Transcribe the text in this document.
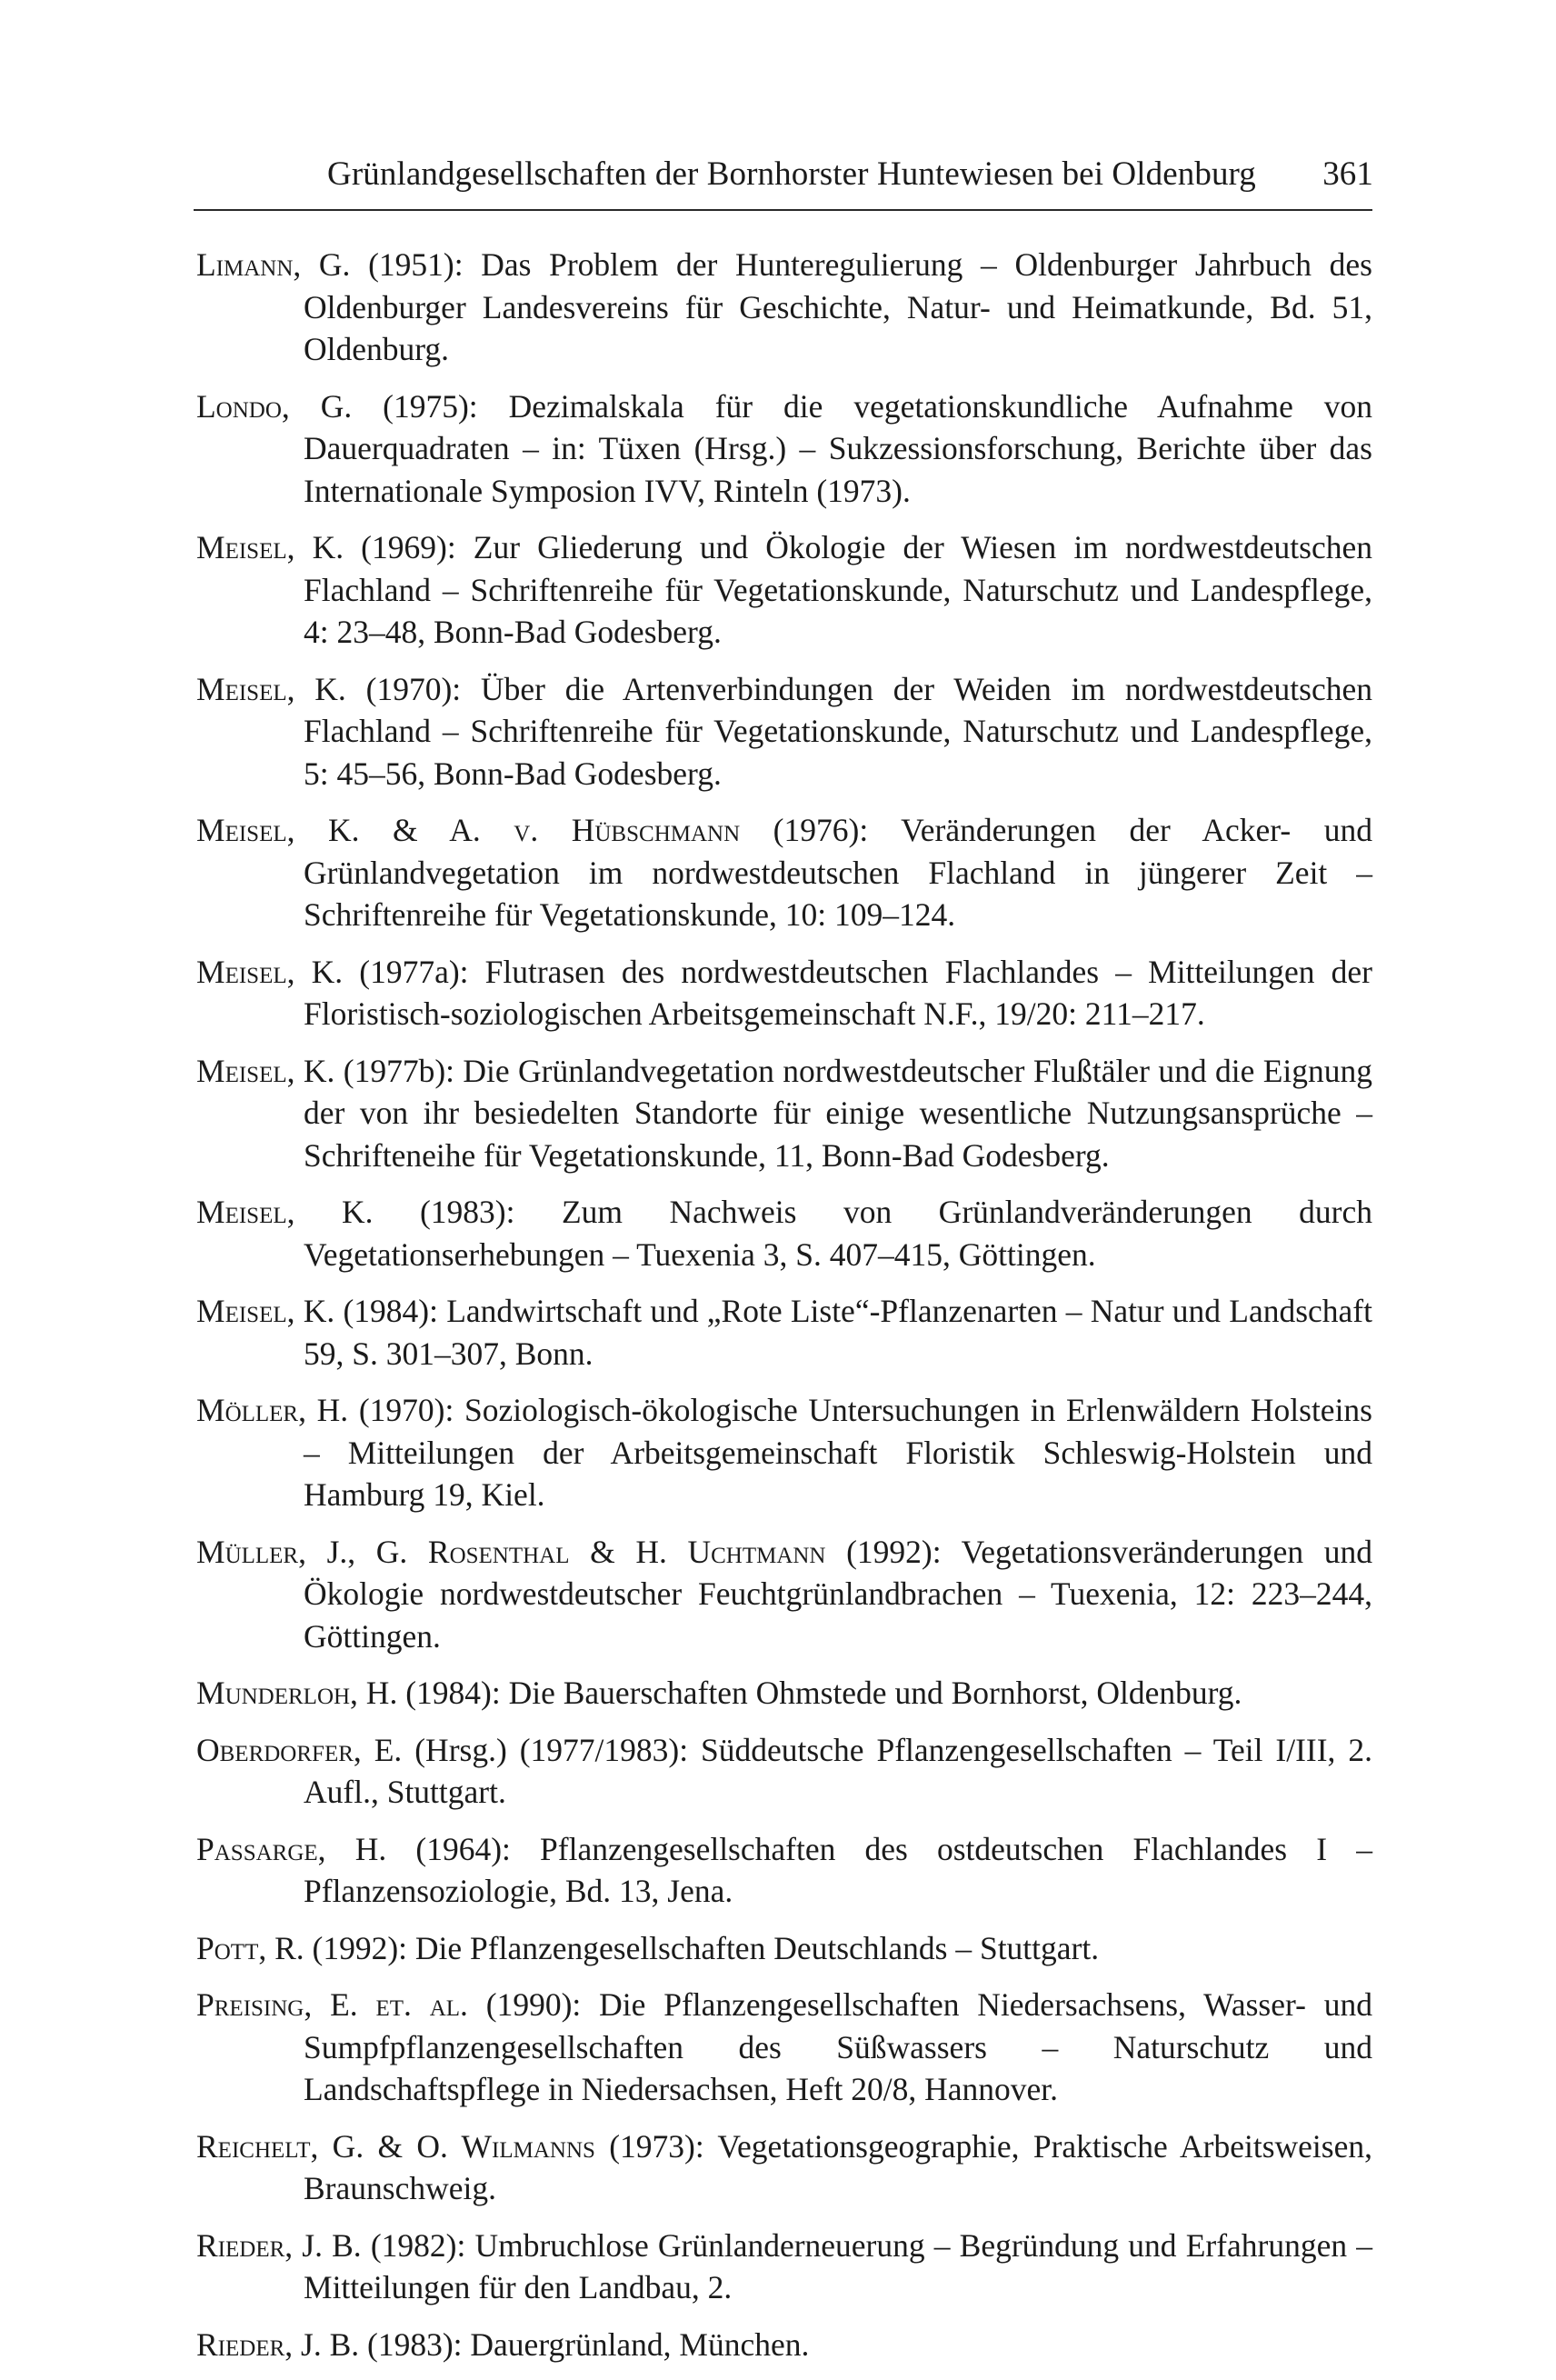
Grünlandgesellschaften der Bornhorster Huntewiesen bei Oldenburg 361

Limann, G. (1951): Das Problem der Hunteregulierung – Oldenburger Jahrbuch des Oldenburger Landesvereins für Geschichte, Natur- und Heimatkunde, Bd. 51, Oldenburg.

Londo, G. (1975): Dezimalskala für die vegetationskundliche Aufnahme von Dauerquadraten – in: Tüxen (Hrsg.) – Sukzessionsforschung, Berichte über das Internationale Symposion IVV, Rinteln (1973).

Meisel, K. (1969): Zur Gliederung und Ökologie der Wiesen im nordwestdeutschen Flachland – Schriftenreihe für Vegetationskunde, Naturschutz und Landespflege, 4: 23–48, Bonn-Bad Godesberg.

Meisel, K. (1970): Über die Artenverbindungen der Weiden im nordwestdeutschen Flachland – Schriftenreihe für Vegetationskunde, Naturschutz und Landespflege, 5: 45–56, Bonn-Bad Godesberg.

Meisel, K. & A. v. Hübschmann (1976): Veränderungen der Acker- und Grünlandvegetation im nordwestdeutschen Flachland in jüngerer Zeit – Schriftenreihe für Vegetationskunde, 10: 109–124.

Meisel, K. (1977a): Flutrasen des nordwestdeutschen Flachlandes – Mitteilungen der Floristisch-soziologischen Arbeitsgemeinschaft N.F., 19/20: 211–217.

Meisel, K. (1977b): Die Grünlandvegetation nordwestdeutscher Flußtäler und die Eignung der von ihr besiedelten Standorte für einige wesentliche Nutzungsansprüche – Schrifteneihe für Vegetationskunde, 11, Bonn-Bad Godesberg.

Meisel, K. (1983): Zum Nachweis von Grünlandveränderungen durch Vegetationserhebungen – Tuexenia 3, S. 407–415, Göttingen.

Meisel, K. (1984): Landwirtschaft und „Rote Liste“-Pflanzenarten – Natur und Landschaft 59, S. 301–307, Bonn.

Möller, H. (1970): Soziologisch-ökologische Untersuchungen in Erlenwäldern Holsteins – Mitteilungen der Arbeitsgemeinschaft Floristik Schleswig-Holstein und Hamburg 19, Kiel.

Müller, J., G. Rosenthal & H. Uchtmann (1992): Vegetationsveränderungen und Ökologie nordwestdeutscher Feuchtgrünlandbrachen – Tuexenia, 12: 223–244, Göttingen.

Munderloh, H. (1984): Die Bauerschaften Ohmstede und Bornhorst, Oldenburg.

Oberdorfer, E. (Hrsg.) (1977/1983): Süddeutsche Pflanzengesellschaften – Teil I/III, 2. Aufl., Stuttgart.

Passarge, H. (1964): Pflanzengesellschaften des ostdeutschen Flachlandes I – Pflanzensoziologie, Bd. 13, Jena.

Pott, R. (1992): Die Pflanzengesellschaften Deutschlands – Stuttgart.

Preising, E. et. al. (1990): Die Pflanzengesellschaften Niedersachsens, Wasser- und Sumpfpflanzengesellschaften des Süßwassers – Naturschutz und Landschaftspflege in Niedersachsen, Heft 20/8, Hannover.

Reichelt, G. & O. Wilmanns (1973): Vegetationsgeographie, Praktische Arbeitsweisen, Braunschweig.

Rieder, J. B. (1982): Umbruchlose Grünlanderneuerung – Begründung und Erfahrungen – Mitteilungen für den Landbau, 2.

Rieder, J. B. (1983): Dauergrünland, München.
